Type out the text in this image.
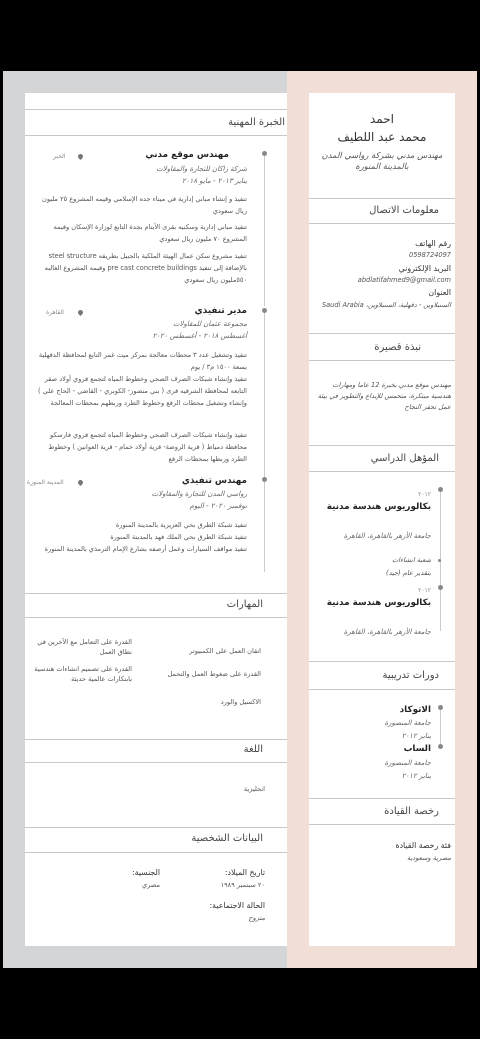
احمد
محمد عبد اللطيف
مهندس مدني بشركة رواسي المدن بالمدينة المنورة
معلومات الاتصال
رقم الهاتف
0598724097
البريد الإلكتروني
abdlatifahmed9@gmail.com
العنوان
السنبلاوين - دقهلية، السنبلاوين، Saudi Arabia
نبذة قصيرة
مهندس موقع مدني بخبرة 12 عاما ومهارات هندسية مبتكرة، متحمس للإبداع والتطوير في بيئة عمل تحفز النجاح
المؤهل الدراسي
٢٠١٢
بكالوريوس هندسة مدنية
جامعة الأزهر بالقاهرة، القاهرة
شعبة انشاءات
بتقدير عام (جيد)
٢٠١٢
بكالوريوس هندسة مدنية
جامعة الأزهر بالقاهرة، القاهرة
دورات تدريبية
الاتوكاد
جامعة المنصورة
يناير ٢٠١٢
الساب
جامعة المنصورة
يناير ٢٠١٢
رخصة القيادة
فئة رخصة القيادة
مصرية وسعودية
الخبرة المهنية
مهندس موقع مدني
الخبر
شركة زاكان للتجارة والمقاولات
يناير ٢٠١٣ - مايو ٢٠١٨
تنفيذ و إنشاء مباني إدارية في ميناء جده الإسلامي وقيمه المشروع ٢٥ مليون ريال سعودي
تنفيذ مباني إدارية وسكنيه بقرى الأيتام بجدة التابع لوزارة الإسكان وقيمه المشروع ٧٠ مليون ريال سعودي
تنفيذ مشروع سكن عمال الهيئة الملكية بالجبيل بطريقه steel structure بالإضافة إلى تنفيذ pre cast concrete buildings وقيمه المشروع الغالبه ٥٥٠مليون ريال سعودي
مدير تنفيذي
القاهرة
مجموعة عثمان للمقاولات
أغسطس ٢٠١٨ - أغسطس ٢٠٢٠
تنفيذ وتشغيل عدد ٣ محطات معالجة بمركز ميت غمر التابع لمحافظة الدقهلية بسعة ١٥٠٠ م٣ / يوم
تنفيذ وإنشاء شبكات الصرف الصحي وخطوط المياه لتجمع قروي أولاد صقر التابعه لمحافظة الشرقيه قرى ( بني منصور- الكوبري - القاضي - الحاج علي ) وإنشاء وتشغيل محطات الرفع وخطوط الطرد وربطهم بمحطات المعالجة
تنفيذ وإنشاء شبكات الصرف الصحي وخطوط المياه لتجمع قروي فارسكو محافظة دمياط ( قرية الروضة- قرية أولاد خمام - قرية العوانين ) وخطوط الطرد وربطها بمحطات الرفع
مهندس تنفيذي
المدينة المنورة
رواسي المدن للتجارة والمقاولات
نوفمبر ٢٠٢٠ - اليوم
تنفيذ شبكة الطرق بحي العزيزية بالمدينة المنورة
تنفيذ شبكة الطرق بحي الملك فهد بالمدينة المنورة
تنفيذ مواقف السيارات وعمل أرصفه بشارع الإمام الترمذي بالمدينة المنورة
المهارات
اتقان العمل على الكمبيوتر
القدرة على التعامل مع الآخرين في نطاق العمل
القدرة على ضغوط العمل والتحمل
القدرة على تصميم انشاءات هندسية بابتكارات عالمية حديثة
الاكسيل والورد
اللغة
انجليزية
البيانات الشخصية
تاريخ الميلاد:
٢٠ سبتمبر ١٩٨٩
الجنسية:
مصري
الحالة الاجتماعية:
متزوج
